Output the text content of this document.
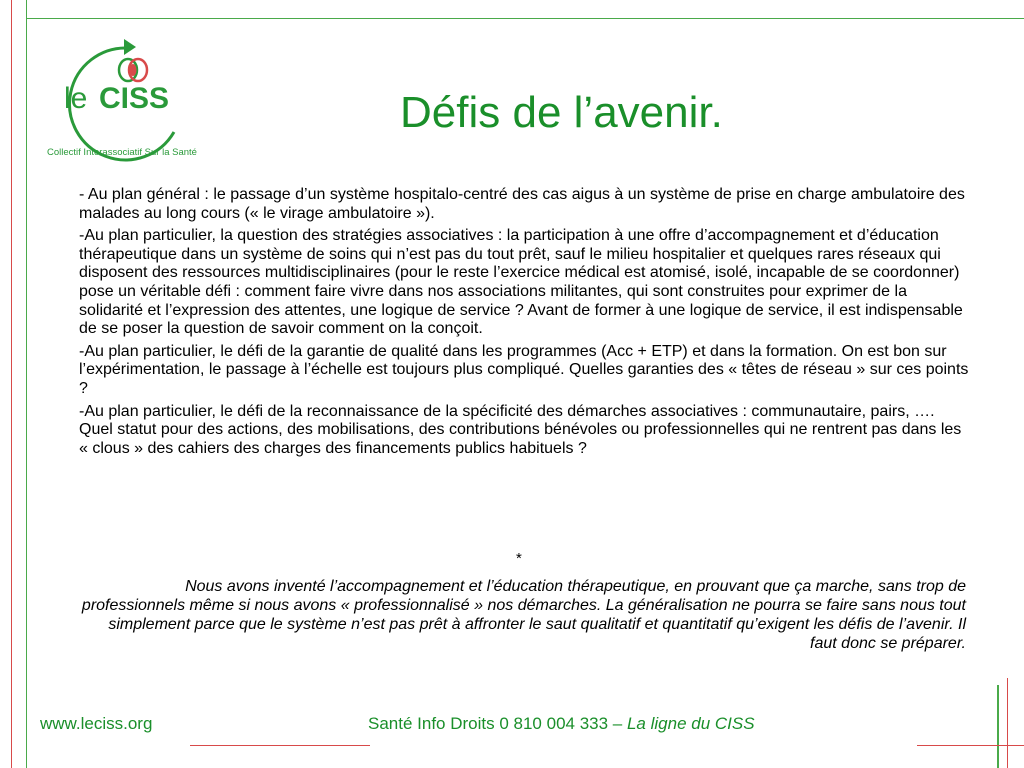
le CISS
Collectif Interassociatif Sur la Santé
Défis de l’avenir.

- Au plan général : le passage d’un système hospitalo-centré des cas aigus à un système de prise en charge ambulatoire des malades au long cours (« le virage ambulatoire »).

-Au plan particulier, la question des stratégies associatives : la participation à une offre d’accompagnement et d’éducation thérapeutique dans un système de soins qui n’est pas du tout prêt, sauf le milieu hospitalier et quelques rares réseaux qui disposent des ressources multidisciplinaires (pour le reste l’exercice médical est atomisé, isolé, incapable de se coordonner) pose un véritable défi : comment faire vivre dans nos associations militantes, qui sont construites pour exprimer de la solidarité et l’expression des attentes, une logique de service ? Avant de former à une logique de service, il est indispensable de se poser la question de savoir comment on la conçoit.

-Au plan particulier, le défi de la garantie de qualité dans les programmes (Acc + ETP) et dans la formation. On est bon sur l’expérimentation, le passage à l’échelle est toujours plus compliqué. Quelles garanties des « têtes de réseau » sur ces points ?

-Au plan particulier, le défi de la reconnaissance de la spécificité des démarches associatives : communautaire, pairs, …. Quel statut pour des actions, des mobilisations, des contributions bénévoles ou professionnelles qui ne rentrent pas dans les « clous » des cahiers des charges des financements publics habituels ?

*
Nous avons inventé l’accompagnement et l’éducation thérapeutique, en prouvant que ça marche, sans trop de professionnels même si nous avons « professionnalisé » nos démarches. La généralisation ne pourra se faire sans nous tout simplement parce que le système n’est pas prêt à affronter le saut qualitatif et quantitatif qu’exigent les défis de l’avenir. Il faut donc se préparer.
www.leciss.org	Santé Info Droits 0 810 004 333 – La ligne du CISS
